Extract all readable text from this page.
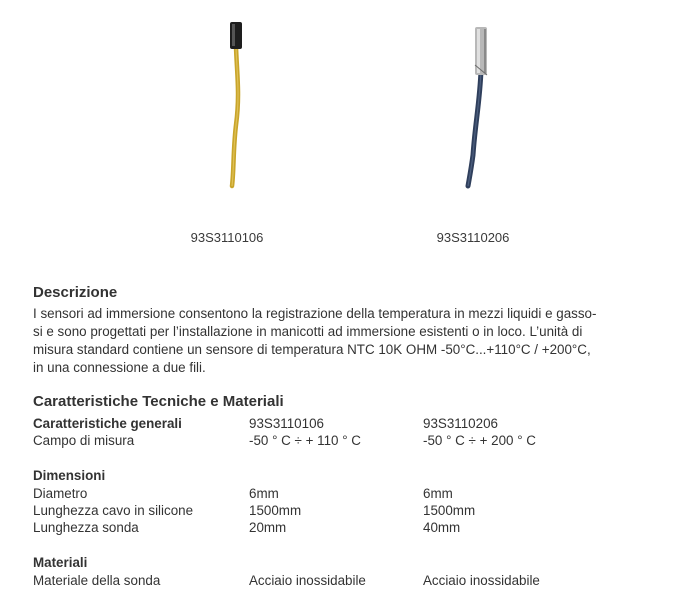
93S3110106	93S3110206
Descrizione
I sensori ad immersione consentono la registrazione della temperatura in mezzi liquidi e gasso-
si e sono progettati per l’installazione in manicotti ad immersione esistenti o in loco. L’unità di
misura standard contiene un sensore di temperatura NTC 10K OHM -50°C...+110°C / +200°C,
in una connessione a due fili.
Caratteristiche Tecniche e Materiali
Caratteristiche generali	93S3110106	93S3110206
Campo di misura	-50 ° C ÷ + 110 ° C	-50 ° C ÷ + 200 ° C
Dimensioni
Diametro	6mm	6mm
Lunghezza cavo in silicone	1500mm	1500mm
Lunghezza sonda	20mm	40mm
Materiali
Materiale della sonda	Acciaio inossidabile	Acciaio inossidabile
